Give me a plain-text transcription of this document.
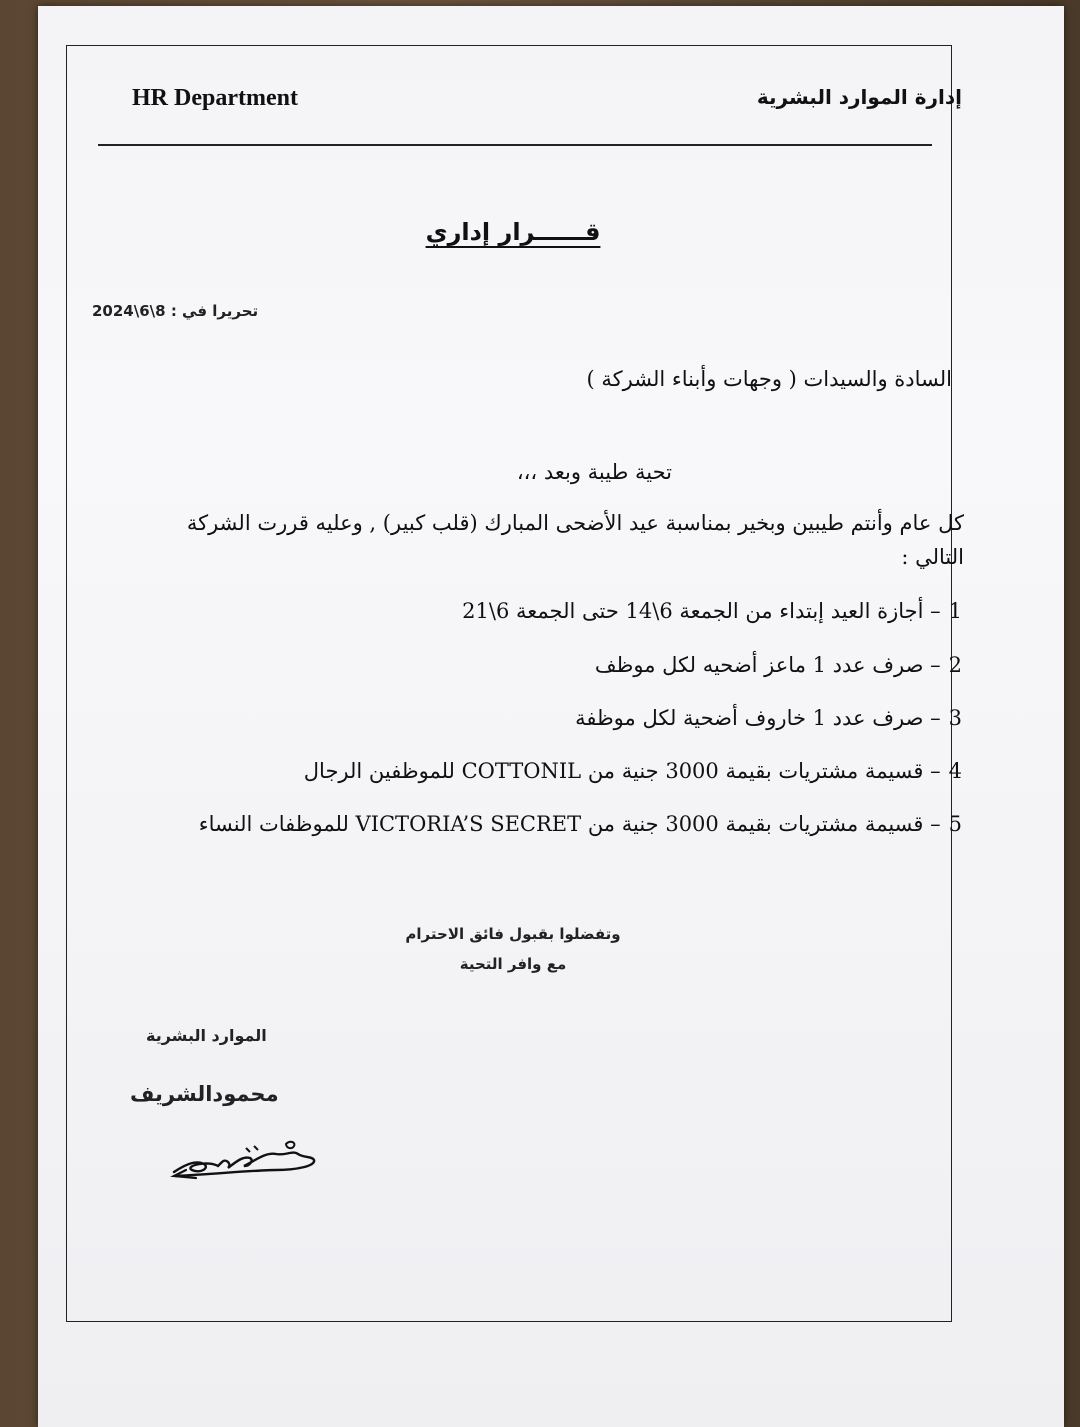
HR Department	إدارة الموارد البشرية
قــــــرار إداري
تحريرا في : 8\6\2024
السادة والسيدات ( وجهات وأبناء الشركة )
تحية طيبة وبعد ،،،
كل عام وأنتم طيبين وبخير بمناسبة عيد الأضحى المبارك (قلب كبير) , وعليه قررت الشركة التالي :
1– أجازة العيد إبتداء من الجمعة 6\14 حتى الجمعة 6\21
2– صرف عدد 1 ماعز أضحيه لكل موظف
3– صرف عدد 1 خاروف أضحية لكل موظفة
4– قسيمة مشتريات بقيمة 3000 جنية من COTTONIL للموظفين الرجال
5– قسيمة مشتريات بقيمة 3000 جنية من VICTORIA’S SECRET للموظفات النساء
وتفضلوا بقبول فائق الاحترام
مع وافر التحية
الموارد البشرية
محمودالشريف
